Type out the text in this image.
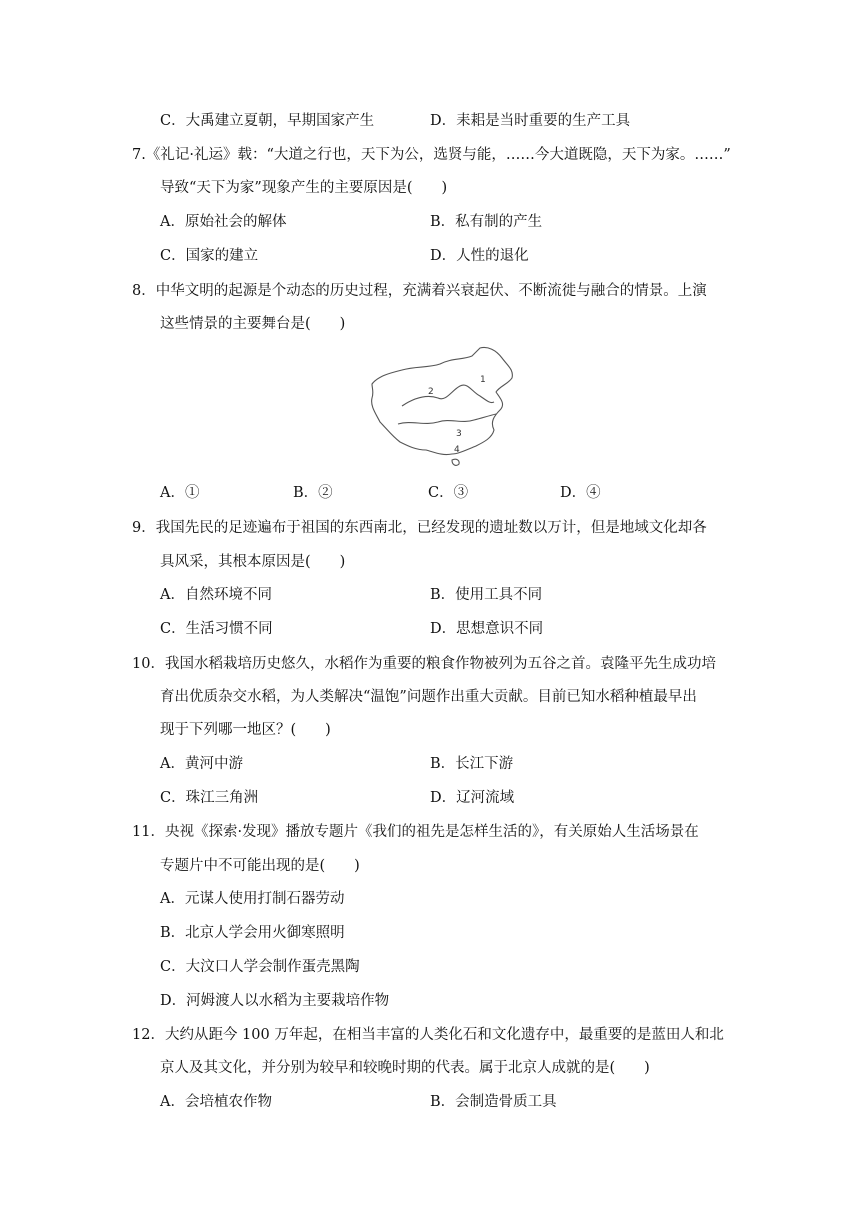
C．大禹建立夏朝，早期国家产生	D．耒耜是当时重要的生产工具
7.《礼记·礼运》载：“大道之行也，天下为公，选贤与能，……今大道既隐，天下为家。……”
导致“天下为家”现象产生的主要原因是(　　)
A．原始社会的解体	B．私有制的产生
C．国家的建立	D．人性的退化
8．中华文明的起源是个动态的历史过程，充满着兴衰起伏、不断流徙与融合的情景。上演
这些情景的主要舞台是(　　)
1
2
3
4
A．①	B．②	C．③	D．④
9．我国先民的足迹遍布于祖国的东西南北，已经发现的遗址数以万计，但是地域文化却各
具风采，其根本原因是(　　)
A．自然环境不同	B．使用工具不同
C．生活习惯不同	D．思想意识不同
10．我国水稻栽培历史悠久，水稻作为重要的粮食作物被列为五谷之首。袁隆平先生成功培
育出优质杂交水稻，为人类解决“温饱”问题作出重大贡献。目前已知水稻种植最早出
现于下列哪一地区？(　　)
A．黄河中游	B．长江下游
C．珠江三角洲	D．辽河流域
11．央视《探索·发现》播放专题片《我们的祖先是怎样生活的》，有关原始人生活场景在
专题片中不可能出现的是(　　)
A．元谋人使用打制石器劳动
B．北京人学会用火御寒照明
C．大汶口人学会制作蛋壳黑陶
D．河姆渡人以水稻为主要栽培作物
12．大约从距今 100 万年起，在相当丰富的人类化石和文化遗存中，最重要的是蓝田人和北
京人及其文化，并分别为较早和较晚时期的代表。属于北京人成就的是(　　)
A．会培植农作物	B．会制造骨质工具
